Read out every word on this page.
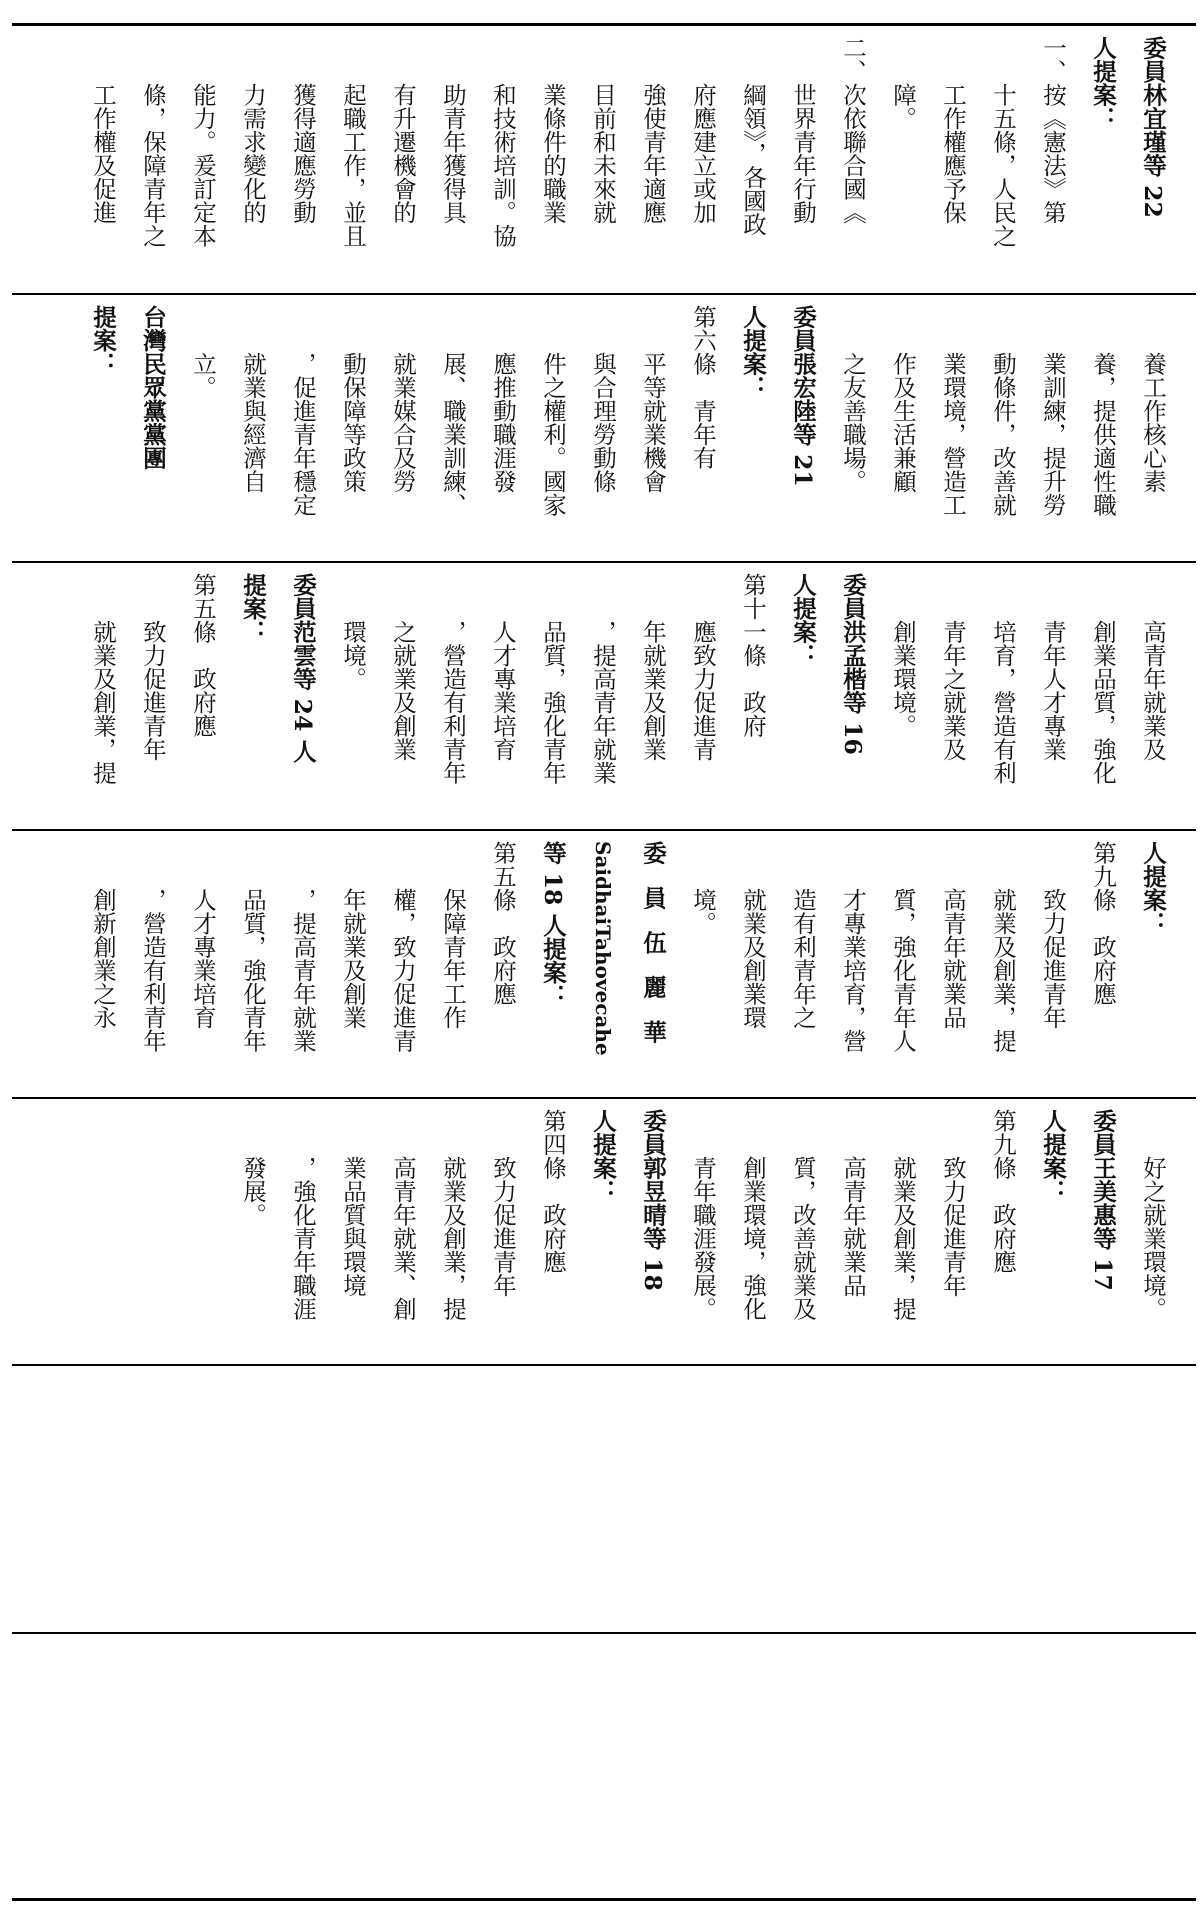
委員林宜瑾等 22

人提案：

一、按《憲法》第

十五條，人民之

工作權應予保

障。

二、次依聯合國《

世界青年行動

綱領》，各國政

府應建立或加

強使青年適應

目前和未來就

業條件的職業

和技術培訓。協

助青年獲得具

有升遷機會的

起職工作，並且

獲得適應勞動

力需求變化的

能力。爰訂定本

條，保障青年之

工作權及促進

養工作核心素

養，提供適性職

業訓練，提升勞

動條件，改善就

業環境，營造工

作及生活兼顧

之友善職場。

委員張宏陸等 21

人提案：

第六條　青年有

平等就業機會

與合理勞動條

件之權利。國家

應推動職涯發

展、職業訓練、

就業媒合及勞

動保障等政策

，促進青年穩定

就業與經濟自

立。

台灣民眾黨黨團

提案：

高青年就業及

創業品質，強化

青年人才專業

培育，營造有利

青年之就業及

創業環境。

委員洪孟楷等 16

人提案：

第十一條　政府

應致力促進青

年就業及創業

，提高青年就業

品質，強化青年

人才專業培育

，營造有利青年

之就業及創業

環境。

委員范雲等 24 人

提案：

第五條　政府應

致力促進青年

就業及創業，提

人提案：

第九條　政府應

致力促進青年

就業及創業，提

高青年就業品

質，強化青年人

才專業培育，營

造有利青年之

就業及創業環

境。

委員伍麗華

SaidhaiTahovecahe

等 18 人提案：

第五條　政府應

保障青年工作

權，致力促進青

年就業及創業

，提高青年就業

品質，強化青年

人才專業培育

，營造有利青年

創新創業之永

好之就業環境。

委員王美惠等 17

人提案：

第九條　政府應

致力促進青年

就業及創業，提

高青年就業品

質，改善就業及

創業環境，強化

青年職涯發展。

委員郭昱晴等 18

人提案：

第四條　政府應

致力促進青年

就業及創業，提

高青年就業、創

業品質與環境

，強化青年職涯

發展。
